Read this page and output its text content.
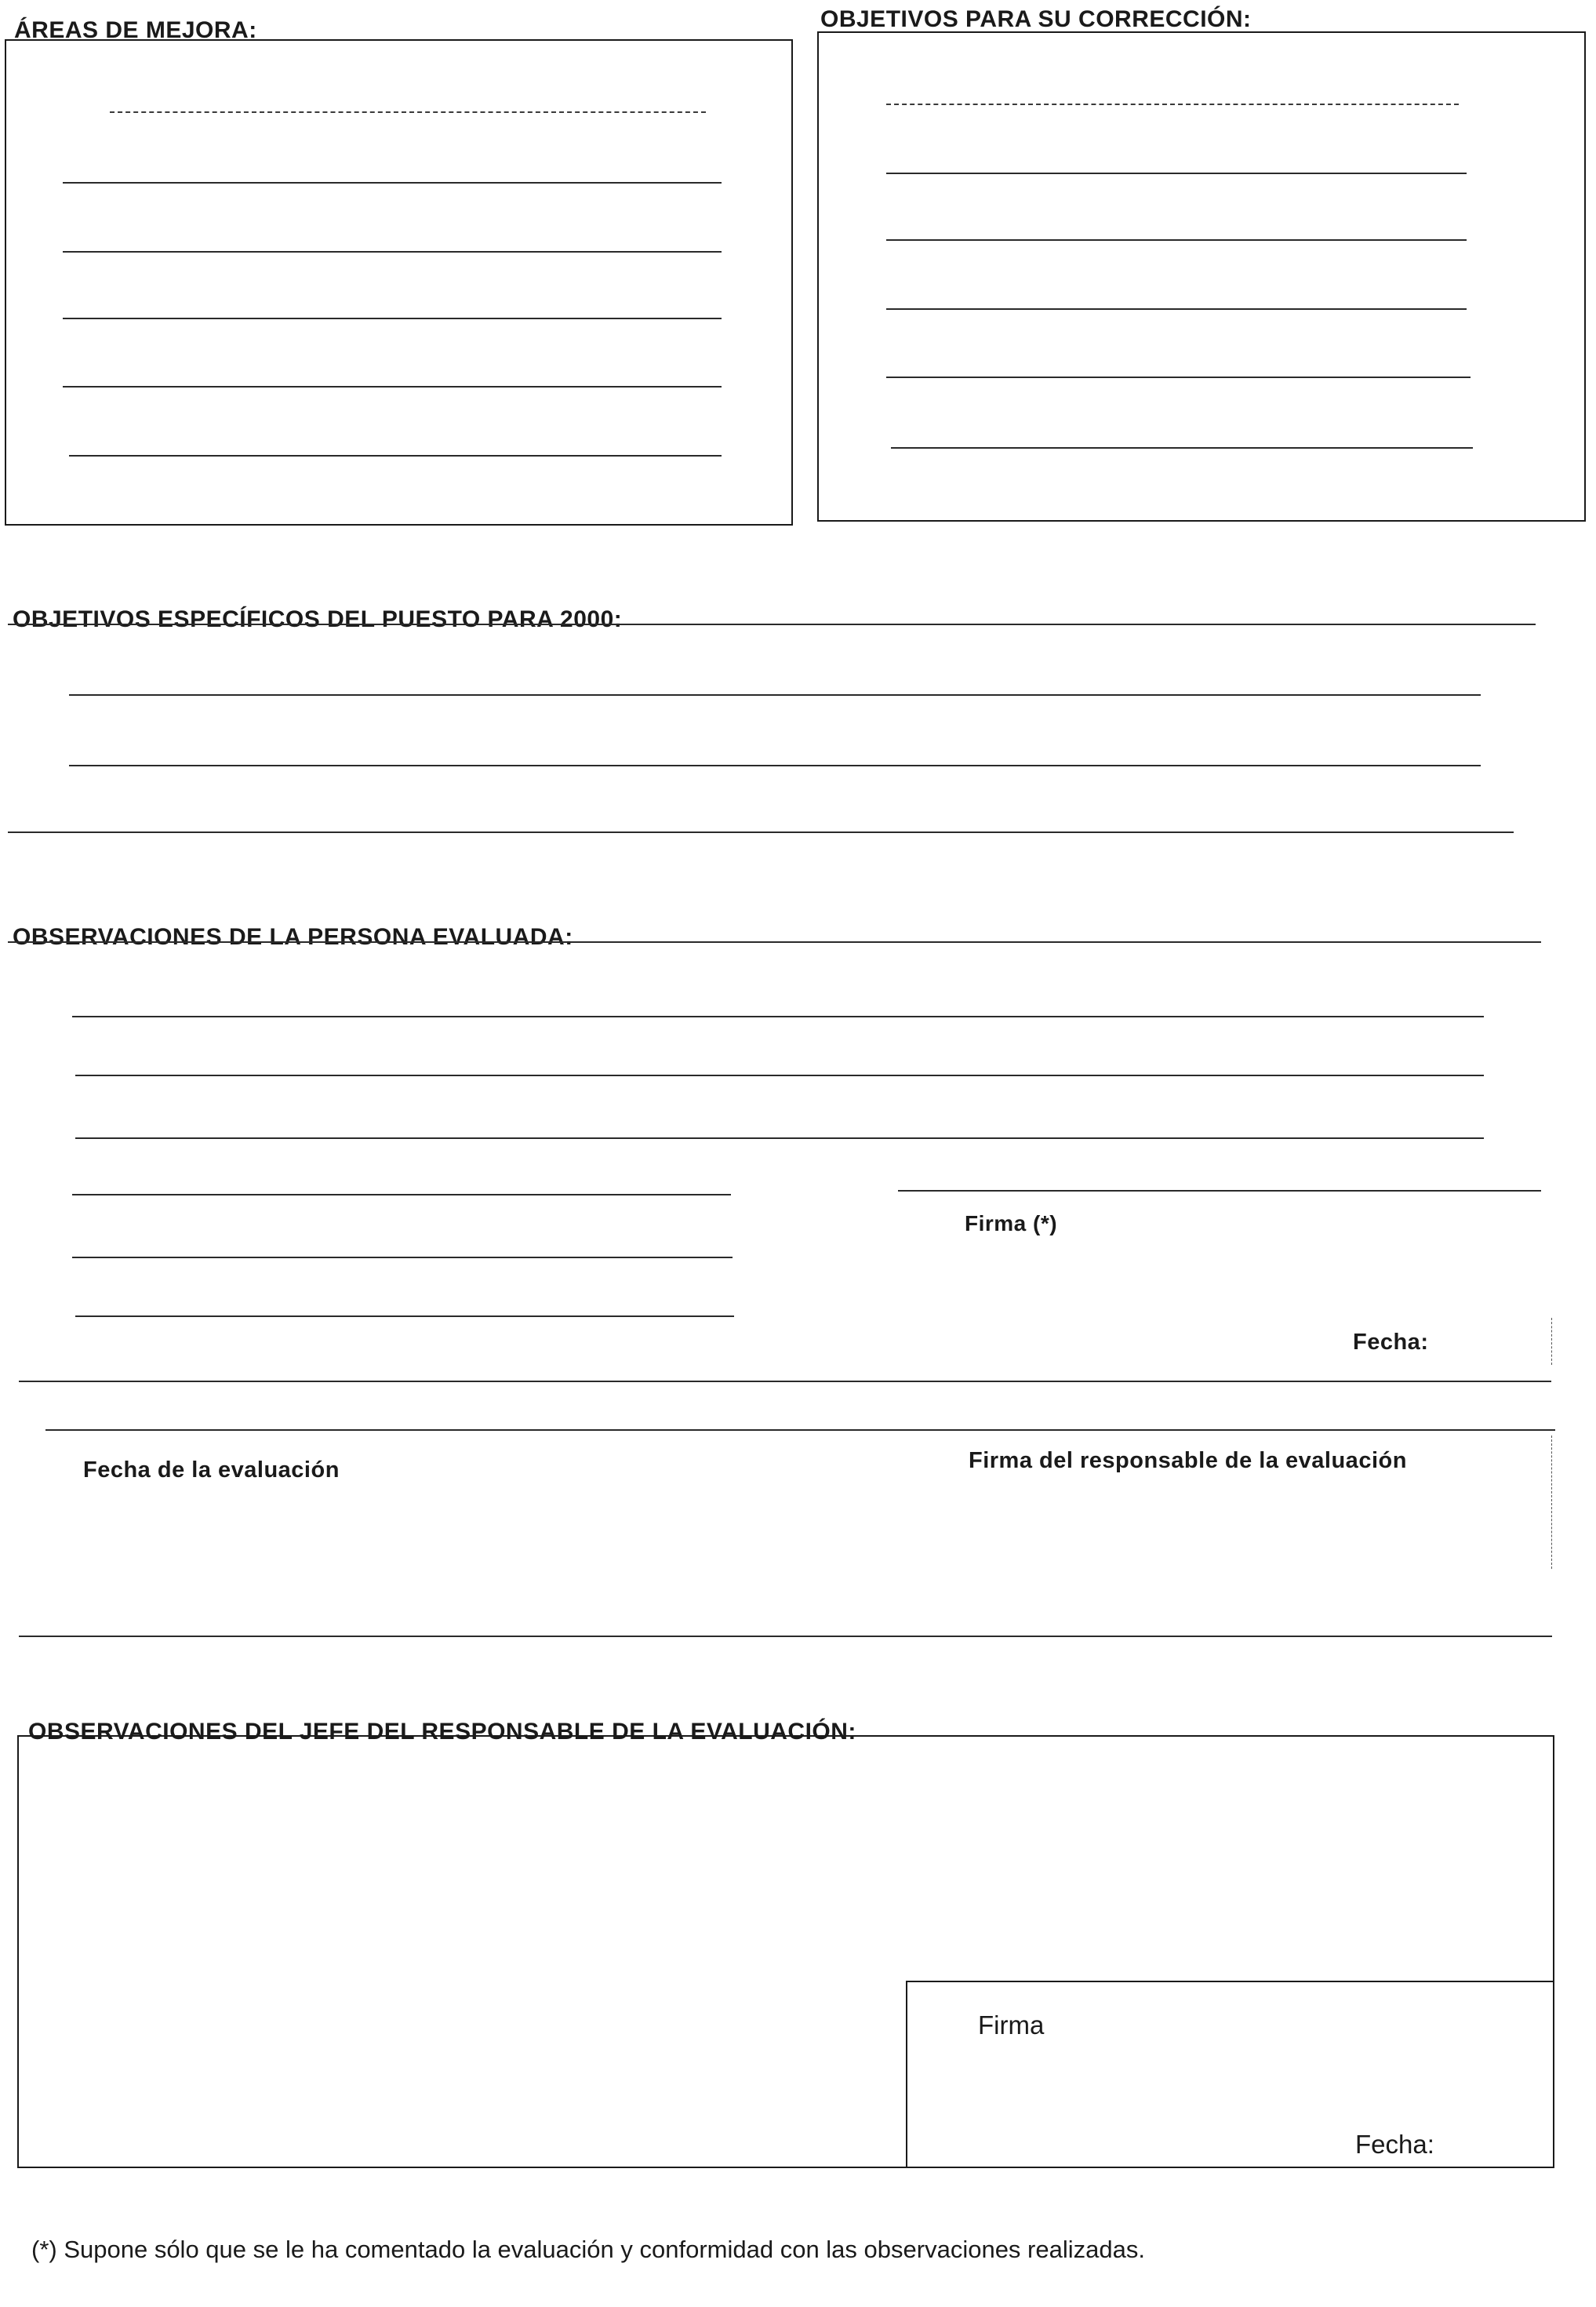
ÁREAS DE MEJORA:	OBJETIVOS PARA SU CORRECCIÓN:
OBJETIVOS ESPECÍFICOS DEL PUESTO PARA 2000:
OBSERVACIONES DE LA PERSONA EVALUADA:
Firma (*)
Fecha:
Fecha de la evaluación	Firma del responsable de la evaluación
OBSERVACIONES DEL JEFE DEL RESPONSABLE DE LA EVALUACIÓN:
Firma
Fecha:
(*) Supone sólo que se le ha comentado la evaluación y conformidad con las observaciones realizadas.
